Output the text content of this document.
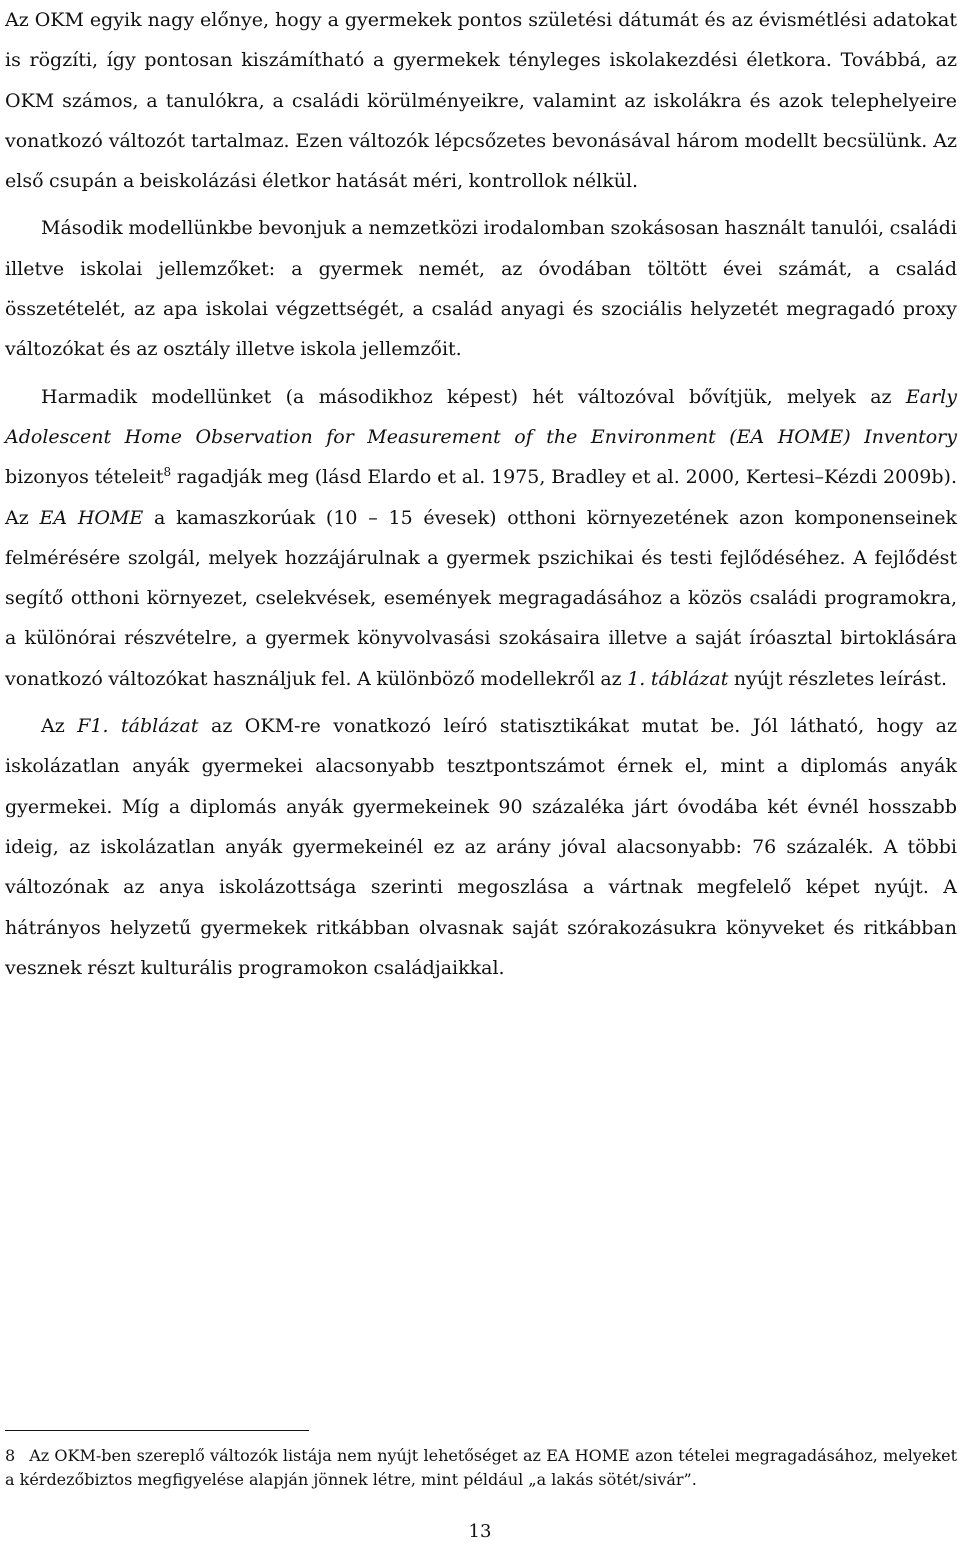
Az OKM egyik nagy előnye, hogy a gyermekek pontos születési dátumát és az évismétlési adatokat is rögzíti, így pontosan kiszámítható a gyermekek tényleges iskolakezdési életkora. Továbbá, az OKM számos, a tanulókra, a családi körülményeikre, valamint az iskolákra és azok telephelyeire vonatkozó változót tartalmaz. Ezen változók lépcsőzetes bevonásával három modellt becsülünk. Az első csupán a beiskolázási életkor hatását méri, kontrollok nélkül.

Második modellünkbe bevonjuk a nemzetközi irodalomban szokásosan használt tanulói, családi illetve iskolai jellemzőket: a gyermek nemét, az óvodában töltött évei számát, a család összetételét, az apa iskolai végzettségét, a család anyagi és szociális helyzetét megragadó proxy változókat és az osztály illetve iskola jellemzőit.

Harmadik modellünket (a másodikhoz képest) hét változóval bővítjük, melyek az Early Adolescent Home Observation for Measurement of the Environment (EA HOME) Inventory bizonyos tételeit$^8$ ragadják meg (lásd Elardo et al. 1975, Bradley et al. 2000, Kertesi–Kézdi 2009b). Az EA HOME a kamaszkorúak (10 – 15 évesek) otthoni környezetének azon komponenseinek felmérésére szolgál, melyek hozzájárulnak a gyermek pszichikai és testi fejlődéséhez. A fejlődést segítő otthoni környezet, cselekvések, események megragadásához a közös családi programokra, a különórai részvételre, a gyermek könyvolvasási szokásaira illetve a saját íróasztal birtoklására vonatkozó változókat használjuk fel. A különböző modellekről az 1. táblázat nyújt részletes leírást.

Az F1. táblázat az OKM-re vonatkozó leíró statisztikákat mutat be. Jól látható, hogy az iskolázatlan anyák gyermekei alacsonyabb tesztpontszámot érnek el, mint a diplomás anyák gyermekei. Míg a diplomás anyák gyermekeinek 90 százaléka járt óvodába két évnél hosszabb ideig, az iskolázatlan anyák gyermekeinél ez az arány jóval alacsonyabb: 76 százalék. A többi változónak az anya iskolázottsága szerinti megoszlása a vártnak megfelelő képet nyújt. A hátrányos helyzetű gyermekek ritkábban olvasnak saját szórakozásukra könyveket és ritkábban vesznek részt kulturális programokon családjaikkal.

8 Az OKM-ben szereplő változók listája nem nyújt lehetőséget az EA HOME azon tételei megragadásához, melyeket a kérdezőbiztos megfigyelése alapján jönnek létre, mint például „a lakás sötét/sivár”.

13
